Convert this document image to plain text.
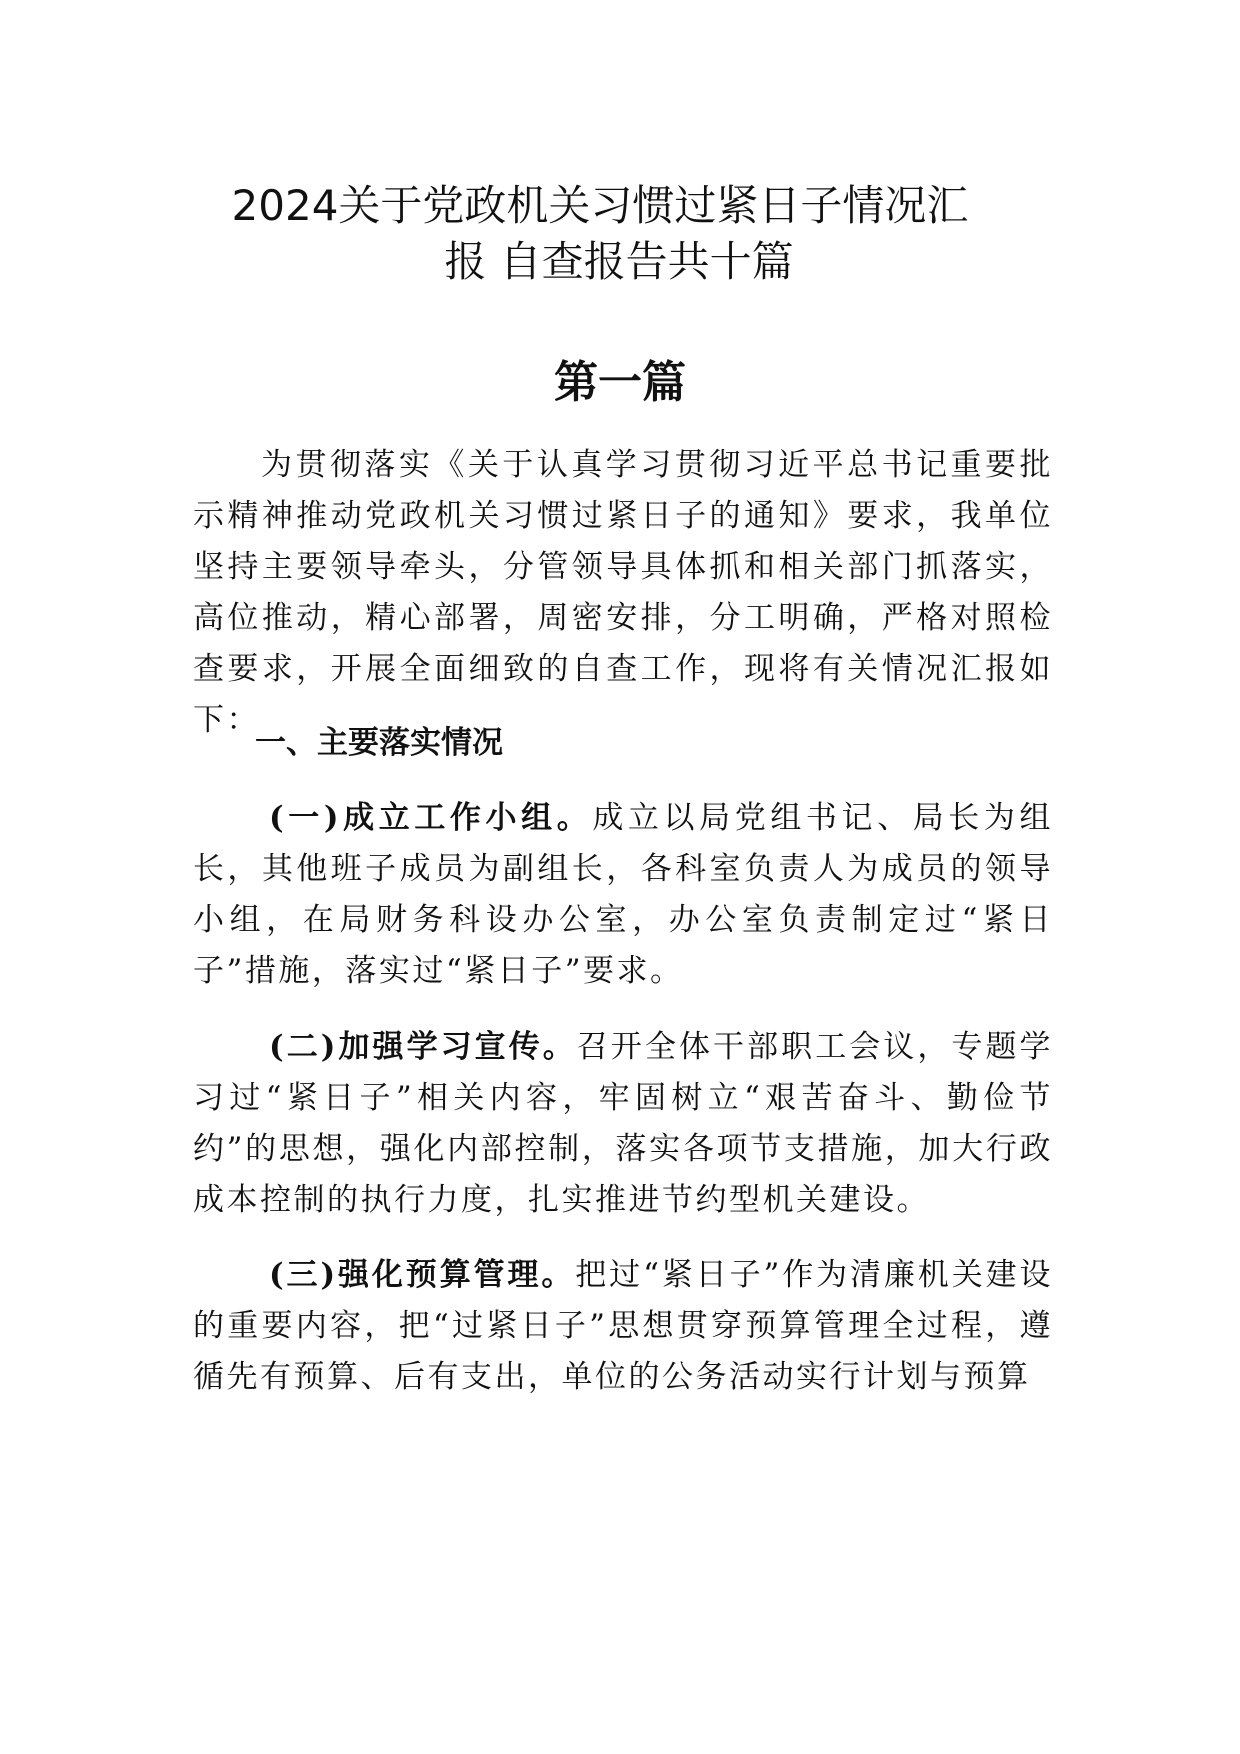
2024关于党政机关习惯过紧日子情况汇
报 自查报告共十篇
第一篇

为贯彻落实《关于认真学习贯彻习近平总书记重要批示精神推动党政机关习惯过紧日子的通知》要求，我单位坚持主要领导牵头，分管领导具体抓和相关部门抓落实，高位推动，精心部署，周密安排，分工明确，严格对照检查要求，开展全面细致的自查工作，现将有关情况汇报如下：

一、主要落实情况

(一)成立工作小组。成立以局党组书记、局长为组长，其他班子成员为副组长，各科室负责人为成员的领导小组，在局财务科设办公室，办公室负责制定过“紧日子”措施，落实过“紧日子”要求。

(二)加强学习宣传。召开全体干部职工会议，专题学习过“紧日子”相关内容，牢固树立“艰苦奋斗、勤俭节约”的思想，强化内部控制，落实各项节支措施，加大行政成本控制的执行力度，扎实推进节约型机关建设。

(三)强化预算管理。把过“紧日子”作为清廉机关建设的重要内容，把“过紧日子”思想贯穿预算管理全过程，遵循先有预算、后有支出，单位的公务活动实行计划与预算
